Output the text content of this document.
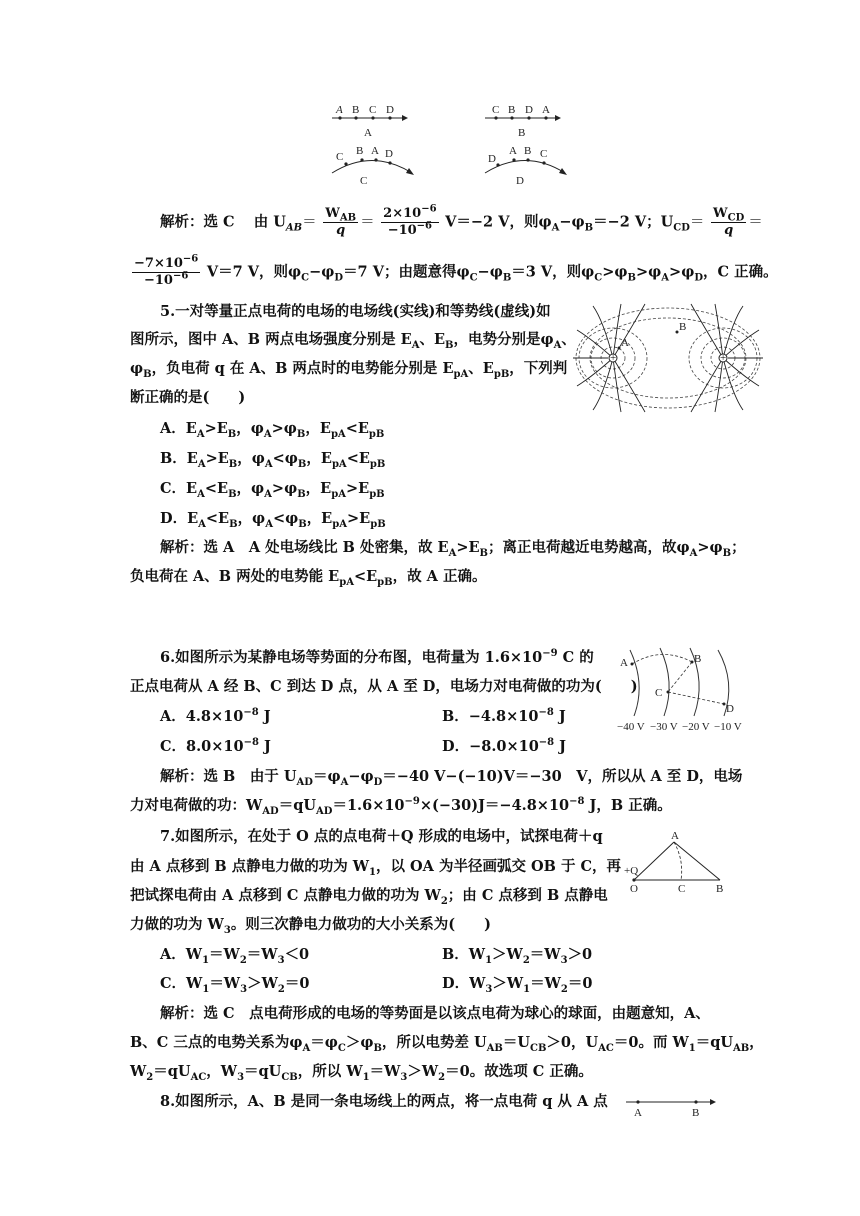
A B C D
A
C B D A
B
C B A D
C
D
A B C
D
解析：选 C　 由 $U_{AB}= \frac{W_{AB}}{q} = \frac{2\times 10^{-6}}{-10^{-6}} V=-2$ V，则$\varphi_A-\varphi_B=-2$ V；$U_{CD}= \frac{W_{CD}}{q}$ ＝
$\frac{-7\times 10^{-6}}{-10^{-6}} V=7$ V，则$\varphi_C-\varphi_D=7$ V；由题意得$\varphi_C-\varphi_B=3$ V，则$\varphi_C>\varphi_B>\varphi_A>\varphi_D$，C 正确。
5.一对等量正点电荷的电场的电场线(实线)和等势线(虚线)如
图所示，图中 A、B 两点电场强度分别是 $E_A$、$E_B$，电势分别是$\varphi_A$、
$\varphi_B$，负电荷 q 在 A、B 两点时的电势能分别是 $E_{pA}$、$E_{pB}$，下列判
断正确的是(　　)
A．$E_A>E_B$，$\varphi_A>\varphi_B$，$E_{pA}<E_{pB}$
B．$E_A>E_B$，$\varphi_A<\varphi_B$，$E_{pA}<E_{pB}$
C．$E_A<E_B$，$\varphi_A>\varphi_B$，$E_{pA}>E_{pB}$
D．$E_A<E_B$，$\varphi_A<\varphi_B$，$E_{pA}>E_{pB}$
解析：选 A　 A 处电场线比 B 处密集，故 $E_A>E_B$；离正电荷越近电势越高，故$\varphi_A>\varphi_B$；
负电荷在 A、B 两处的电势能 $E_{pA}<E_{pB}$，故 A 正确。
+	+
A
B
6.如图所示为某静电场等势面的分布图，电荷量为 $1.6\times 10^{-9}$ C 的
正点电荷从 A 经 B、C 到达 D 点，从 A 至 D，电场力对电荷做的功为(　　)
A．$4.8\times 10^{-8}$ J	B．$-4.8\times 10^{-8}$ J
C．$8.0\times 10^{-8}$ J	D．$-8.0\times 10^{-8}$ J
解析：选 B　 由于 $U_{AD}=\varphi_A-\varphi_D=-40$ V−(−10)V＝−30　V，所以从 A 至 D，电场
力对电荷做的功：$W_{AD}=qU_{AD}=1.6\times 10^{-9}\times(-30)J=-4.8\times 10^{-8}$ J，B 正确。
A	B
C
D
−40 V −30 V −20 V −10 V
7.如图所示，在处于 O 点的点电荷＋Q 形成的电场中，试探电荷＋q
由 A 点移到 B 点静电力做的功为 $W_1$，以 OA 为半径画弧交 OB 于 C，再
把试探电荷由 A 点移到 C 点静电力做的功为 $W_2$；由 C 点移到 B 点静电
力做的功为 $W_3$。则三次静电力做功的大小关系为(　　)
A．$W_1=W_2=W_3<0$	B．$W_1>W_2=W_3>0$
C．$W_1=W_3>W_2=0$	D．$W_3>W_1=W_2=0$
解析：选 C　 点电荷形成的电场的等势面是以该点电荷为球心的球面，由题意知，A、
B、C 三点的电势关系为$\varphi_A=\varphi_C>\varphi_B$，所以电势差 $U_{AB}=U_{CB}>0$，$U_{AC}=0$。而 $W_1=qU_{AB}$，
$W_2=qU_{AC}$，$W_3=qU_{CB}$，所以 $W_1=W_3>W_2=0$。故选项 C 正确。
+Q
A
O	C	B
8.如图所示，A、B 是同一条电场线上的两点，将一点电荷 q 从 A 点
A	B
